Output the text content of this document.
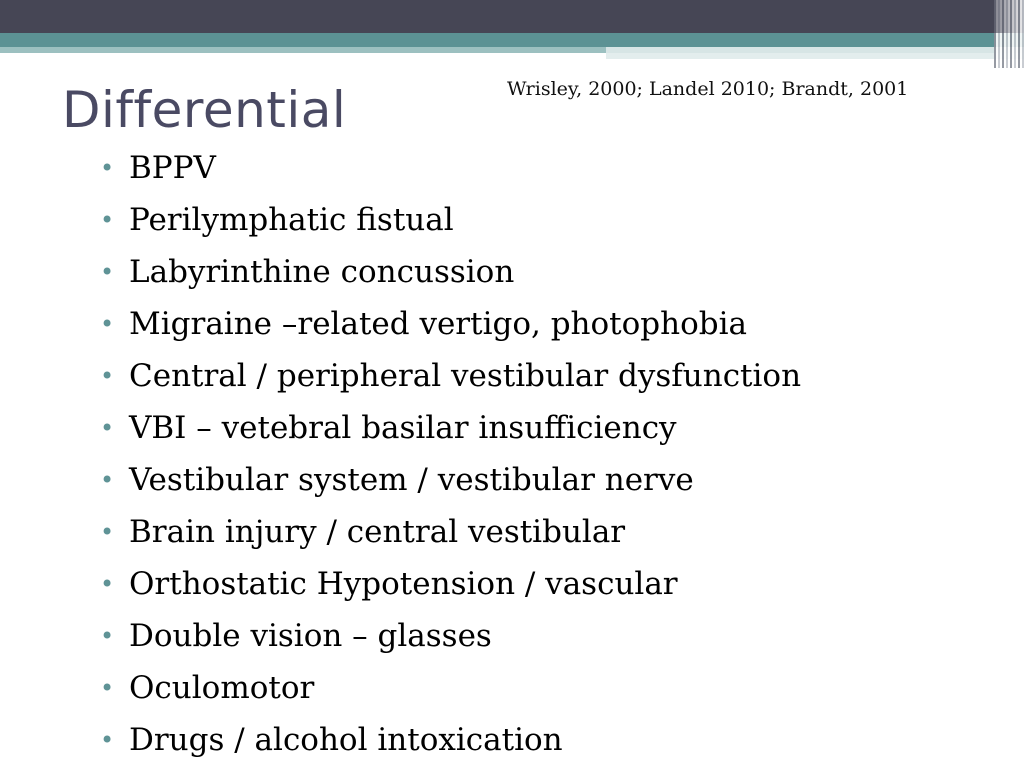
Differential	Wrisley, 2000; Landel 2010; Brandt, 2001
• BPPV
• Perilymphatic fistual
• Labyrinthine concussion
• Migraine –related vertigo, photophobia
• Central / peripheral vestibular dysfunction
• VBI – vetebral basilar insufficiency
• Vestibular system / vestibular nerve
• Brain injury / central vestibular
• Orthostatic Hypotension / vascular
• Double vision – glasses
• Oculomotor
• Drugs / alcohol intoxication
